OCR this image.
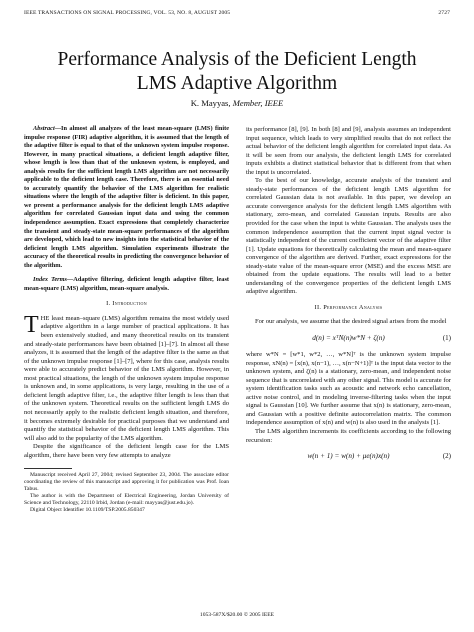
IEEE TRANSACTIONS ON SIGNAL PROCESSING, VOL. 53, NO. 8, AUGUST 2005	2727
Performance Analysis of the Deficient Length
LMS Adaptive Algorithm
K. Mayyas, Member, IEEE

Abstract—In almost all analyzes of the least mean-square (LMS) finite impulse response (FIR) adaptive algorithm, it is assumed that the length of the adaptive filter is equal to that of the unknown system impulse response. However, in many practical situations, a deficient length adaptive filter, whose length is less than that of the unknown system, is employed, and analysis results for the sufficient length LMS algorithm are not necessarily applicable to the deficient length case. Therefore, there is an essential need to accurately quantify the behavior of the LMS algorithm for realistic situations where the length of the adaptive filter is deficient. In this paper, we present a performance analysis for the deficient length LMS adaptive algorithm for correlated Gaussian input data and using the common independence assumption. Exact expressions that completely characterize the transient and steady-state mean-square performances of the algorithm are developed, which lead to new insights into the statistical behavior of the deficient length LMS algorithm. Simulation experiments illustrate the accuracy of the theoretical results in predicting the convergence behavior of the algorithm.

Index Terms—Adaptive filtering, deficient length adaptive filter, least mean-square (LMS) algorithm, mean-square analysis.

I. Introduction

THE least mean–square (LMS) algorithm remains the most widely used adaptive algorithm in a large number of practical applications. It has been extensively studied, and many theoretical results on its transient and steady-state performances have been obtained [1]–[7]. In almost all these analyzes, it is assumed that the length of the adaptive filter is the same as that of the unknown impulse response [1]–[7], where for this case, analysis results were able to accurately predict behavior of the LMS algorithm. However, in most practical situations, the length of the unknown system impulse response is unknown and, in some applications, is very large, resulting in the use of a deficient length adaptive filter, i.e., the adaptive filter length is less than that of the unknown system. Theoretical results on the sufficient length LMS do not necessarily apply to the realistic deficient length situation, and therefore, it becomes extremely desirable for practical purposes that we understand and quantify the statistical behavior of the deficient length LMS algorithm. This will also add to the popularity of the LMS algorithm.

Despite the significance of the deficient length case for the LMS algorithm, there have been very few attempts to analyze

Manuscript received April 27, 2004; revised September 23, 2004. The associate editor coordinating the review of this manuscript and approving it for publication was Prof. Ioan Tabus.

The author is with the Department of Electrical Engineering, Jordan University of Science and Technology, 22110 Irbid, Jordan (e-mail: mayyas@just.edu.jo).

Digital Object Identifier 10.1109/TSP.2005.850347

its performance [8], [9]. In both [8] and [9], analysis assumes an independent input sequence, which leads to very simplified results that do not reflect the actual behavior of the deficient length algorithm for correlated input data. As it will be seen from our analysis, the deficient length LMS for correlated inputs exhibits a distinct statistical behavior that is different from that when the input is uncorrelated.

To the best of our knowledge, accurate analysis of the transient and steady-state performances of the deficient length LMS algorithm for correlated Gaussian data is not available. In this paper, we develop an accurate convergence analysis for the deficient length LMS algorithm with stationary, zero-mean, and correlated Gaussian inputs. Results are also provided for the case when the input is white Gaussian. The analysis uses the common independence assumption that the current input signal vector is statistically independent of the current coefficient vector of the adaptive filter [1]. Update equations for theoretically calculating the mean and mean-square convergence of the algorithm are derived. Further, exact expressions for the steady-state value of the mean-square error (MSE) and the excess MSE are obtained from the update equations. The results will lead to a better understanding of the convergence properties of the deficient length LMS adaptive algorithm.

II. Performance Analysis

For our analysis, we assume that the desired signal arises from the model

d(n) = xᵀN(n)w*N + ζ(n)	(1)

where w*N = [w*1, w*2, …, w*N]ᵀ is the unknown system impulse response, xN(n) = [x(n), x(n−1), …, x(n−N+1)]ᵀ is the input data vector to the unknown system, and ζ(n) is a stationary, zero-mean, and independent noise sequence that is uncorrelated with any other signal. This model is accurate for system identification tasks such as acoustic and network echo cancellation, active noise control, and in modeling inverse-filtering tasks when the input signal is Gaussian [10]. We further assume that x(n) is stationary, zero-mean, and Gaussian with a positive definite autocorrelation matrix. The common independence assumption of x(n) and w(n) is also used in the analysis [1].

The LMS algorithm increments its coefficients according to the following recursion:

w(n + 1) = w(n) + μe(n)x(n)	(2)
1053-587X/$20.00 © 2005 IEEE
